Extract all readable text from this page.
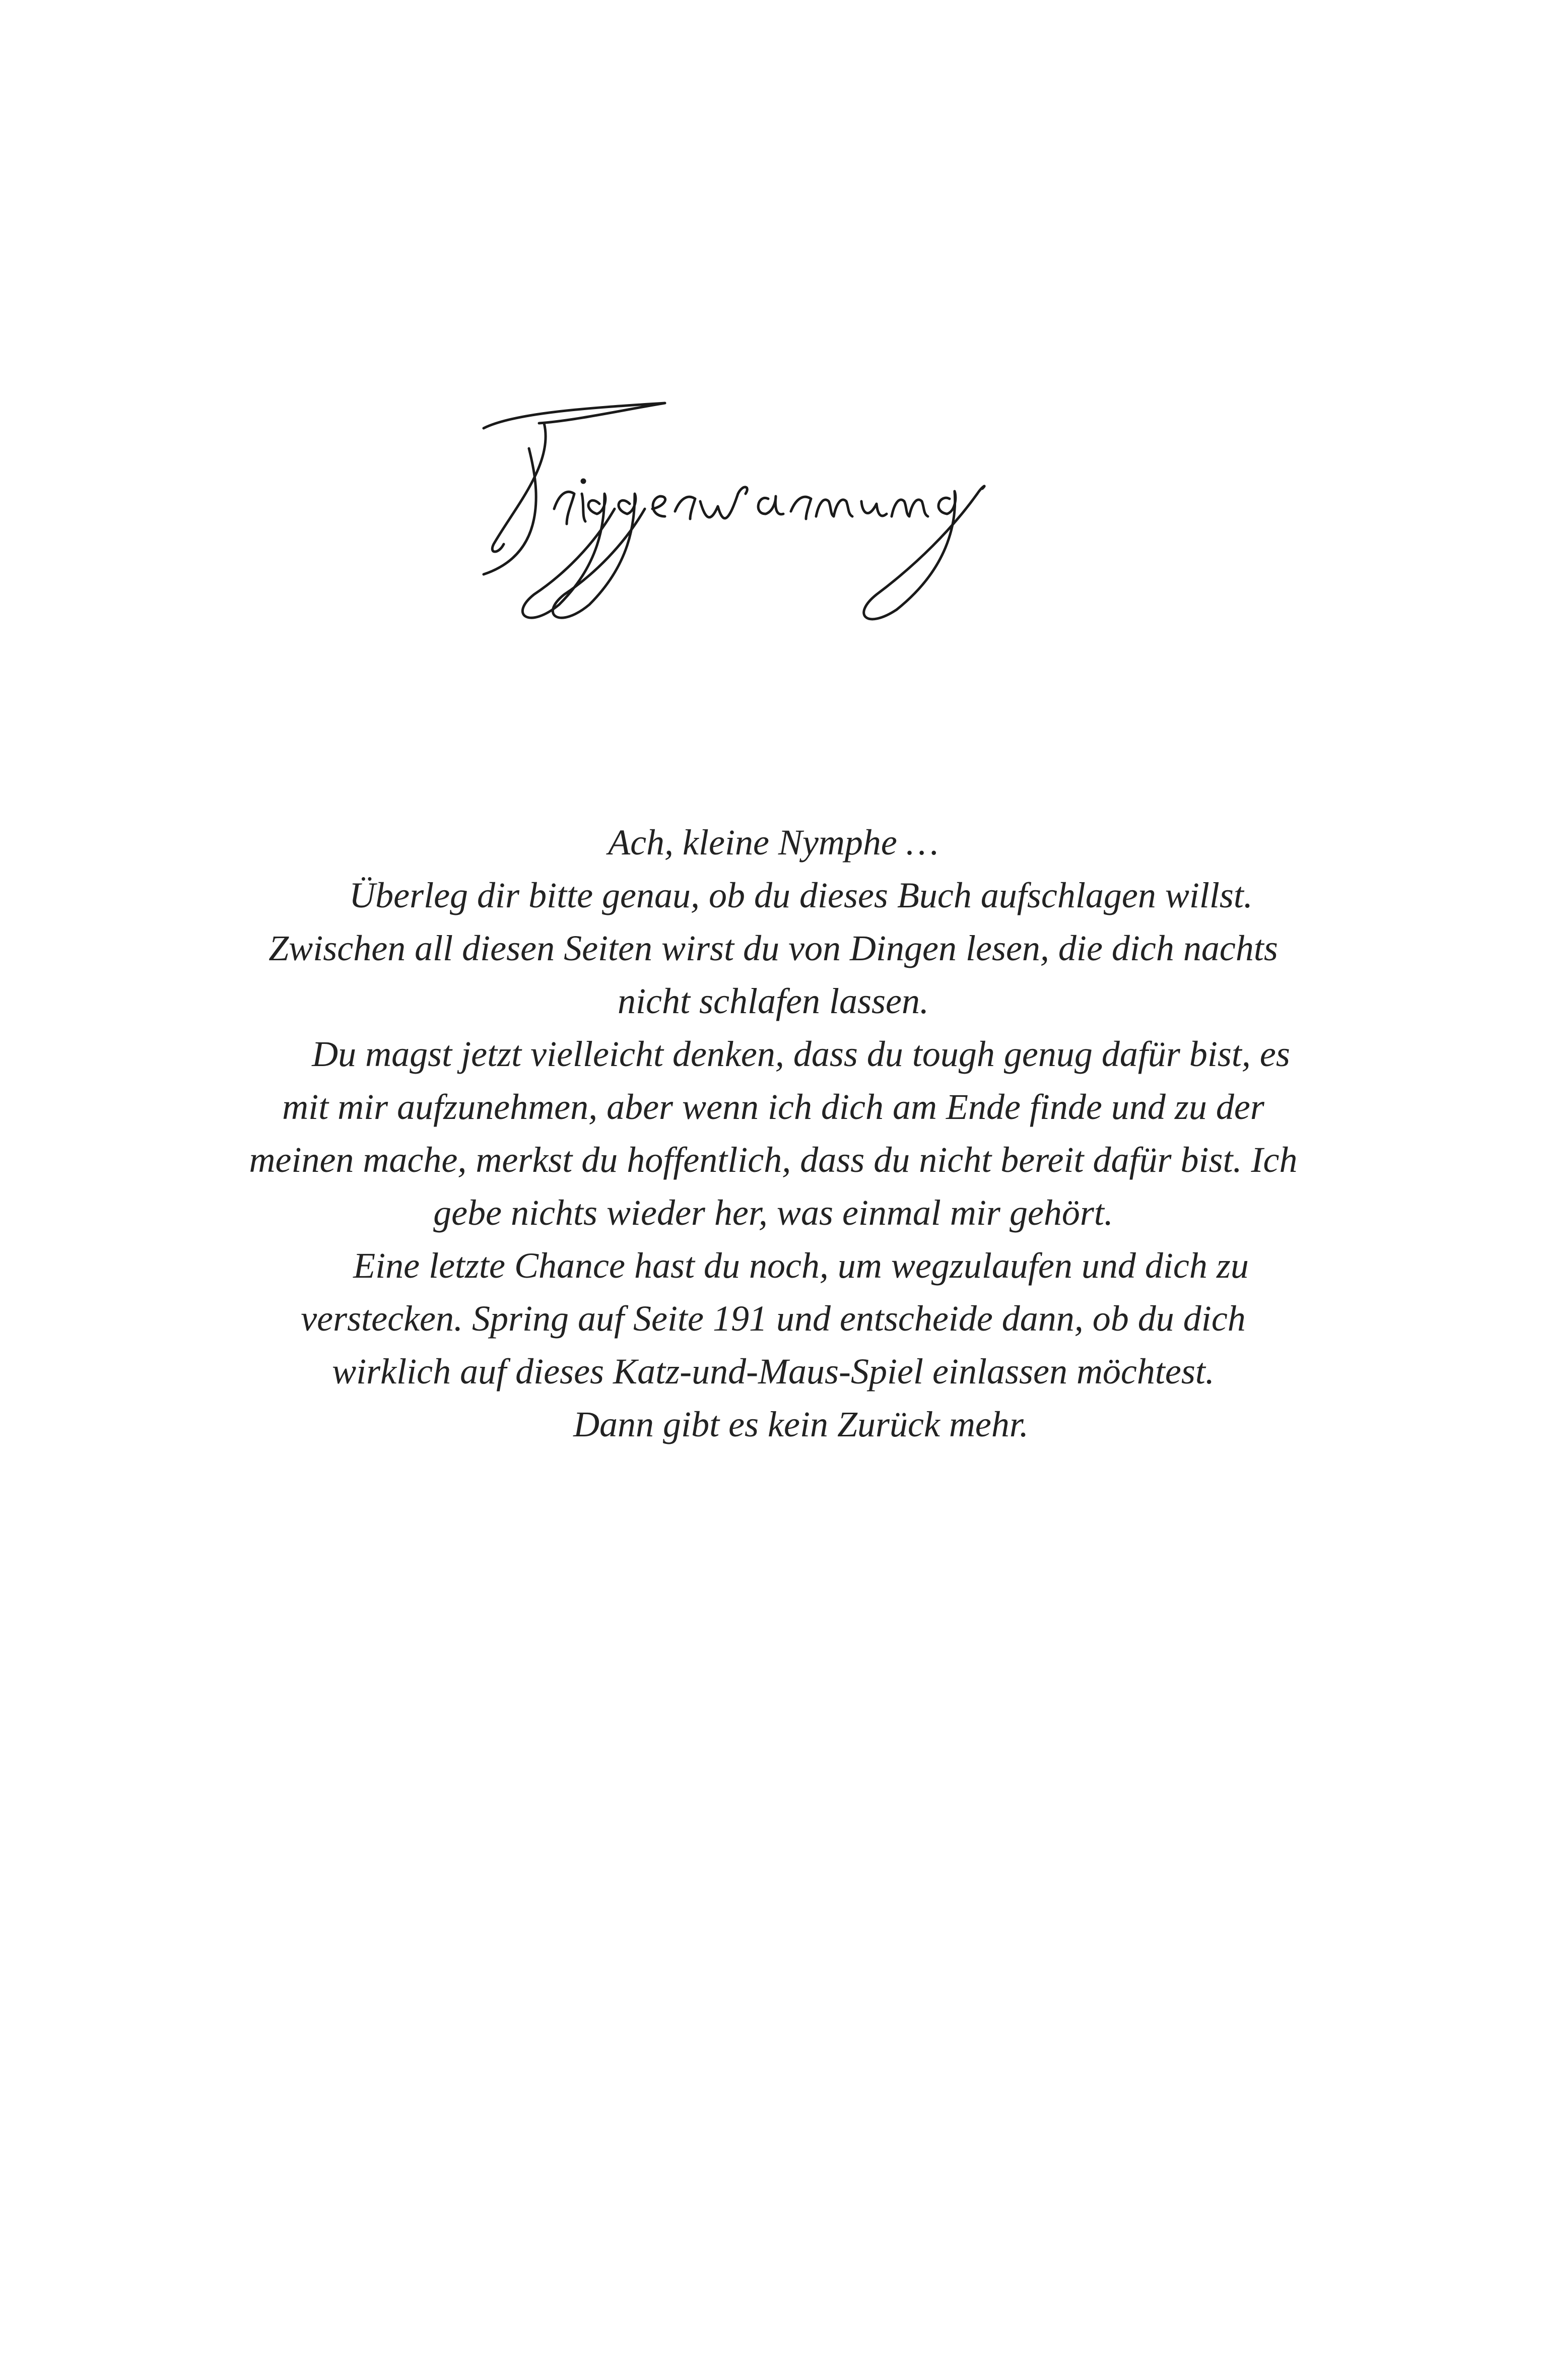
Ach, kleine Nymphe …

Überleg dir bitte genau, ob du dieses Buch aufschlagen willst. Zwischen all diesen Seiten wirst du von Dingen lesen, die dich nachts nicht schlafen lassen.

Du magst jetzt vielleicht denken, dass du tough genug dafür bist, es mit mir aufzunehmen, aber wenn ich dich am Ende finde und zu der meinen mache, merkst du hoffentlich, dass du nicht bereit dafür bist. Ich gebe nichts wieder her, was einmal mir gehört.

Eine letzte Chance hast du noch, um wegzulaufen und dich zu verstecken. Spring auf Seite 191 und entscheide dann, ob du dich wirklich auf dieses Katz-und-Maus-Spiel einlassen möchtest.

Dann gibt es kein Zurück mehr.
